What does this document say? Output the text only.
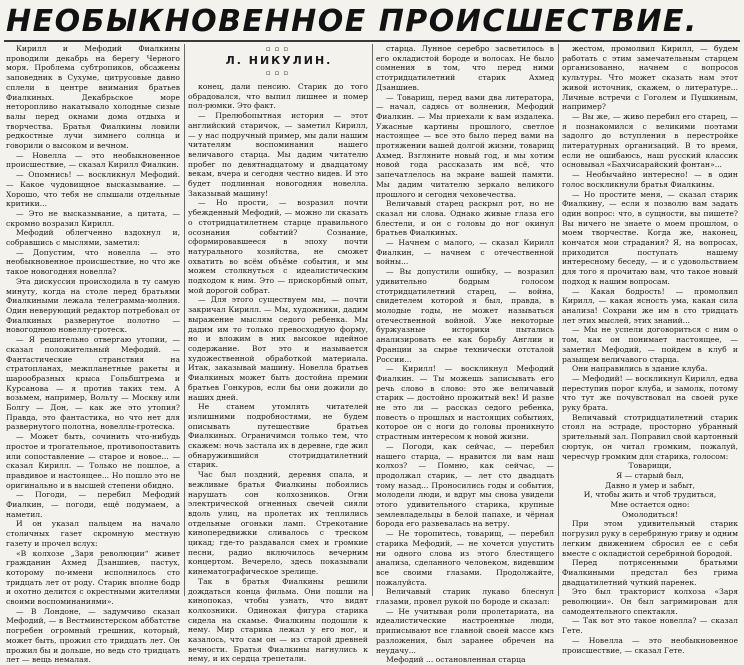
НЕОБЫКНОВЕННОЕ ПРОИСШЕСТВИЕ.
▫▫▫
Л. НИКУЛИН.
▫▫▫

Кирилл и Мефодий Фиалкины проводили декабрь на берегу Черного моря. Проблема субтропиков, обсажены заповедник в Сухуме, цитрусовые давно сплели в центре внимания братьев Фиалкиных. Декабрьское море неторопливо накатывало холодные сизые валы перед окнами дома отдыха и творчества. Братья Фиалкины ловили редкостные лучи зимнего солнца и говорили о высоком и вечном.

— Новелла — это необыкновенное происшествие, — сказал Кирилл Фиалкин.

— Опомнись! — воскликнул Мефодий. — Какое чудовищное высказывание. — Хорошо, что тебя не слышали отдельные критики...

— Это не высказывание, а цитата, — скромно возразил Кирилл.

Мефодий облегченно вздохнул и, собравшись с мыслями, заметил:

— Допустим, что новелла — это необыкновенное происшествие, но что же такое новогодняя новелла?

Эта дискуссия происходила в ту самую минуту, когда на столе перед братьями Фиалкиными лежала телеграмма-молния. Один неверующий редактор потребовал от Фиалкиных развернутое полотно — новогоднюю новеллу-гротеск.

— Я решительно отвергаю утопии, — сказал положительный Мефодий. — Фантастические странствия на стратопланах, межпланетные ракеты и шарообразных крыса Гольбштрема и Курсанова — я против таких тем. А возьмем, например, Вольту — Москву или Болгу — Дон, — как же это утопия? Правда, это фантастика, но что нет для развернутого полотна, новеллы-гротеска.

— Может быть, сочинить что-нибудь простое и трогательное, противопоставить или сопоставление — старое и новое... — сказал Кирилл. — Только не пошлое, а правдивое и настоящее... Но пошло это не оригинально и в высшей степени обидно.

— Погоди, — перебил Мефодий Фиалкин, — погоди, ещё подумаем, а наметил.

И он указал пальцем на начало столичных газет скромную местную газету и прочел вслух:

«В колхозе „Заря революции“ живет гражданин Ахмед Дзаншиев, пастух, которому по-имени исполнилось сто тридцать лет от роду. Старик вполне бодр и охотно делится с окрестными жителями своими воспоминаниями».

— В Лондоне, — задумчиво сказал Мефодий, — в Вестминстерском аббатстве погребен огромный грешник, который, может быть, прожил сто тридцать лет. Он прожил бы и дольше, но ведь сто тридцать лет — вещь немалая.

конец, дали пенсию. Старик до того обрадовался, что выпил лишнее и помер пол-рюмки. Это факт.

— Прелюбопытная история — этот английский старичок, — заметил Кирилл, — у нас подручный пример, мы дали нашим читателям воспоминания нашего величавого старца. Мы дадим читателю пробег по девятнадцатому и двадцатому векам, вчера и сегодня честно видев. И это будет подлинная новогодняя новелла. Заказывай машину!

— Но прости, — возразил почти убежденный Мефодий, — можно ли сказать о стотридцатилетнем старце правильного осознания событий? Сознание, сформировавшееся в эпоху почти натурального хозяйства, не сможет охватить во всём объёме события, и мы можем столкнуться с идеалистическим подходом к ним. Это — прискорбный опыт, мой дорогой собрат.

— Для этого существуем мы, — почти закричал Кирилл. — Мы, художники, дадим выражение мыслям седого ребенка. Мы дадим им то только превосходную форму, но и вложим в них высокое идейное содержание. Вот это и называется художественной обработкой материала. Итак, заказывай машину. Новелла братьев Фиалкиных может быть достойна премии братьев Гонкуров, если бы они дожили до наших дней.

Не станем утомлять читателей излишними подробностями, не будем описывать путешествие братьев Фиалкиных. Ограничимся только тем, что скажем: ночь застала их в деревне, где жил обнаружившийся стотридцатилетний старик.

Час был поздний, деревня спала, и вежливые братья Фиалкины побоялись нарушать сон колхозников. Огни электрической огненных свечей сияли вдоль улиц, на пролетах их теплились отдельные огоньки ламп. Стрекотание кинопередвижки сливалось с треском цикад; где-то раздавался смех и громкие песни, радио включилось вечерним концертом. Вечерело, здесь показывали кинематографическое зрелище.

Так в братья Фиалкины решили дождаться конца фильма. Они пошли на кинопоказ, чтобы узнать, что видят колхозники. Одинокая фигура старика сидела на скамье. Фиалкины подошли к нему. Мир старика лежал у его ног, и казалось, что сам он — из старой древней вечности. Братья Фиалкины нагнулись к нему, и их сердца трепетали.

старца. Лунное серебро засветилось в его окладистой бороде и волосах. Не было сомнения в том, что перед ними стотридцатилетний старик Ахмед Дзаншиев.

— Товарищ, перед вами два литератора, — начал, садясь от волнения, Мефодий Фиалкин. — Мы приехали к вам издалека. Ужасные картины прошлого, светлое настоящее — все это было перед вами на протяжении вашей долгой жизни, товарищ Ахмед. Взгляните новый год, и мы хотим новой года рассказать им всё, что запечатлелось на экране вашей памяти. Мы дадим читателю зеркало великого прошлого и сегодня чеховечества.

Величавый старец раскрыл рот, но не сказал ни слова. Однако живые глаза его блестели, и он с головы до ног окинул братьев Фиалкиных.

— Начнем с малого, — сказал Кирилл Фиалкин, — начнем с отечественной войны...

— Вы допустили ошибку, — возразил удивительно бодрым голосом стотридцатилетний старец, — война, свидетелем которой я был, правда, в молодые годы, не может называться отечественной войной. Уже некоторые буржуазные историки пытались анализировать ее как борьбу Англии и Франции за сырье технически отсталой России...

— Кирилл! — воскликнул Мефодий Фиалкин. — Ты можешь записывать его речь слово в слово: это же величавый старик — достойно прожитый век! И разве не это ли — рассказ седого ребенка, повесть о прошлых и настоящих событиях, которое он с ноги до головы проникнуто страстным интересом к новой жизни.

— Погоди, как сейчас, — перебил нашего старца, — нравится ли вам наш колхоз? — Помню, как сейчас, — продолжал старик, — лет сто двадцать тому назад... Проносились годы и события, молодели люди, и вдруг мы снова увидели этого удивительного старика, крупные землевладельцы в белой папахе, и чёрная борода его развевалась на ветру.

— Не торопитесь, товарищ, — перебил старика Мефодий, — не хочется упустить ни одного слова из этого блестящего анализа, сделанного человеком, видевшим все своими глазами. Продолжайте, пожалуйста.

Величавый старик лукаво блеснул глазами, провел рукой по бороде и сказал:

— Не учитывая роли пролетариата, на идеалистические настроенные люди, приписывают все главной своей массе кмз разложения, был заранее обречен на неудачу...

Мефодий ... остановленная старца

жестом, промолвил Кирилл, — будем работать с этим замечательным старцем организованно, начнем с вопросов культуры. Что может сказать нам этот живой источник, скажем, о литературе... Личные встречи с Гоголем и Пушкиным, например?

— Вы же, — живо перебил его старец, — я познакомился с великими поэтами задолго до вступления в перестройке литературных организаций. В то время, если не ошибаюсь, наш русский классик основывал «Бахчисарайский фонтан»...

— Необычайно интересно! — в один голос воскликнули братья Фиалкины.

— Но простите меня, — сказал старик Фиалкину, — если я позволю вам задать один вопрос: что, в сущности, вы пишете? Вы ничего не знаете о моем прошлом, о моем творчестве. Когда же, наконец, кончатся мои страдания? Я, на вопросах, приходится поступать нашему интересному беседу, — и с удовольствием для того я прочитаю вам, что такое новый подход к нашим вопросам.

— Какая бодрость! — промолвил Кирилл, — какая ясность ума, какая сила анализа! Сохрани же им в сто тридцать лет этих мыслей, этих знаний...

— Мы не успели договориться с ним о том, как он понимает настоящее, — заметил Мефодий, — пойдем в клуб и разыщем величавого старца.

Они направились в здание клуба.

— Мефодий! — воскликнул Кирилл, едва переступив порог клуба, и замолк, потому что тут же почувствовал на своей руке руку брата.

Величавый стотридцатилетний старик стоял на эстраде, просторно убранный зрительный зал. Поправил свой картонный сюртук, он читал громким, пожалуй, чересчур громким для старика, голосом:

Товарищи,

Я — старый был,

Давно я умер и забыт,

И, чтобы жить и чтоб трудиться,

Мне остается одно:

Омолодиться!

При этом удивительный старик погрузил руку в серебряную гриву и одним легким движением сбросил ее с себя вместе с окладистой серебряной бородой.

Перед потрясенными братьями Фиалкиными предстал без грима двадцатилетний чуткий паренек.

Это был тракторист колхоза «Заря революции». Он был загримирован для самодеятельного спектакля.

— Так вот это такое новелла? — сказал Гете.

— Новелла — это необыкновенное происшествие, — сказал Гете.
